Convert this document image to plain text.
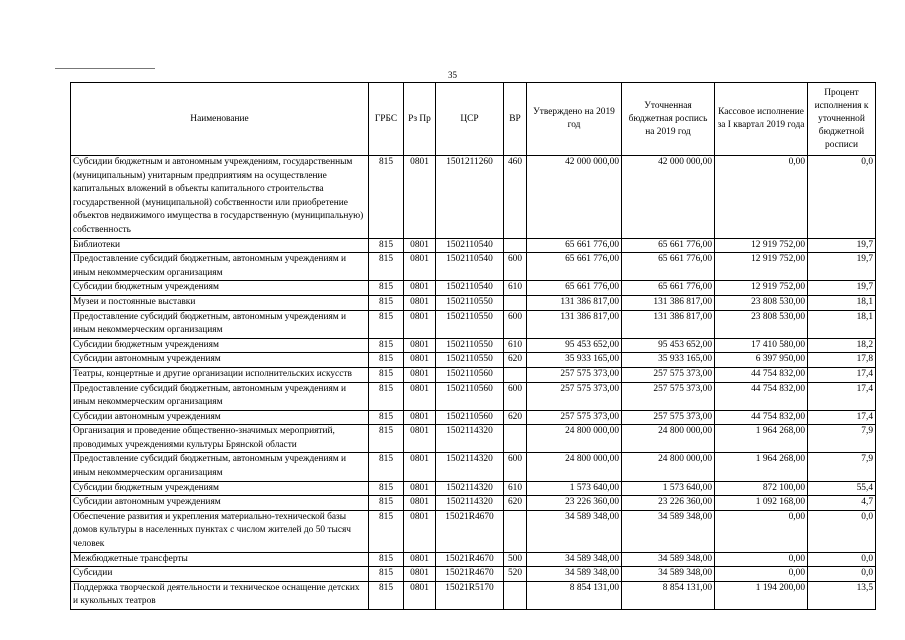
35
Наименование	ГРБС	Рз Пр	ЦСР	ВР	Утверждено на 2019 год	Уточненная бюджетная роспись на 2019 год	Кассовое исполнение за I квартал 2019 года	Процент исполнения к уточненной бюджетной росписи
Субсидии бюджетным и автономным учреждениям, государственным (муниципальным) унитарным предприятиям на осуществление капитальных вложений в объекты капитального строительства государственной (муниципальной) собственности или приобретение объектов недвижимого имущества в государственную (муниципальную) собственность	815	0801	1501211260	460	42 000 000,00	42 000 000,00	0,00	0,0
Библиотеки	815	0801	1502110540		65 661 776,00	65 661 776,00	12 919 752,00	19,7
Предоставление субсидий бюджетным, автономным учреждениям и иным некоммерческим организациям	815	0801	1502110540	600	65 661 776,00	65 661 776,00	12 919 752,00	19,7
Субсидии бюджетным учреждениям	815	0801	1502110540	610	65 661 776,00	65 661 776,00	12 919 752,00	19,7
Музеи и постоянные выставки	815	0801	1502110550		131 386 817,00	131 386 817,00	23 808 530,00	18,1
Предоставление субсидий бюджетным, автономным учреждениям и иным некоммерческим организациям	815	0801	1502110550	600	131 386 817,00	131 386 817,00	23 808 530,00	18,1
Субсидии бюджетным учреждениям	815	0801	1502110550	610	95 453 652,00	95 453 652,00	17 410 580,00	18,2
Субсидии автономным учреждениям	815	0801	1502110550	620	35 933 165,00	35 933 165,00	6 397 950,00	17,8
Театры, концертные и другие организации исполнительских искусств	815	0801	1502110560		257 575 373,00	257 575 373,00	44 754 832,00	17,4
Предоставление субсидий бюджетным, автономным учреждениям и иным некоммерческим организациям	815	0801	1502110560	600	257 575 373,00	257 575 373,00	44 754 832,00	17,4
Субсидии автономным учреждениям	815	0801	1502110560	620	257 575 373,00	257 575 373,00	44 754 832,00	17,4
Организация и проведение общественно-значимых мероприятий, проводимых учреждениями культуры Брянской области	815	0801	1502114320		24 800 000,00	24 800 000,00	1 964 268,00	7,9
Предоставление субсидий бюджетным, автономным учреждениям и иным некоммерческим организациям	815	0801	1502114320	600	24 800 000,00	24 800 000,00	1 964 268,00	7,9
Субсидии бюджетным учреждениям	815	0801	1502114320	610	1 573 640,00	1 573 640,00	872 100,00	55,4
Субсидии автономным учреждениям	815	0801	1502114320	620	23 226 360,00	23 226 360,00	1 092 168,00	4,7
Обеспечение развития и укрепления материально-технической базы домов культуры в населенных пунктах с числом жителей до 50 тысяч человек	815	0801	15021R4670		34 589 348,00	34 589 348,00	0,00	0,0
Межбюджетные трансферты	815	0801	15021R4670	500	34 589 348,00	34 589 348,00	0,00	0,0
Субсидии	815	0801	15021R4670	520	34 589 348,00	34 589 348,00	0,00	0,0
Поддержка творческой деятельности и техническое оснащение детских и кукольных театров	815	0801	15021R5170		8 854 131,00	8 854 131,00	1 194 200,00	13,5
